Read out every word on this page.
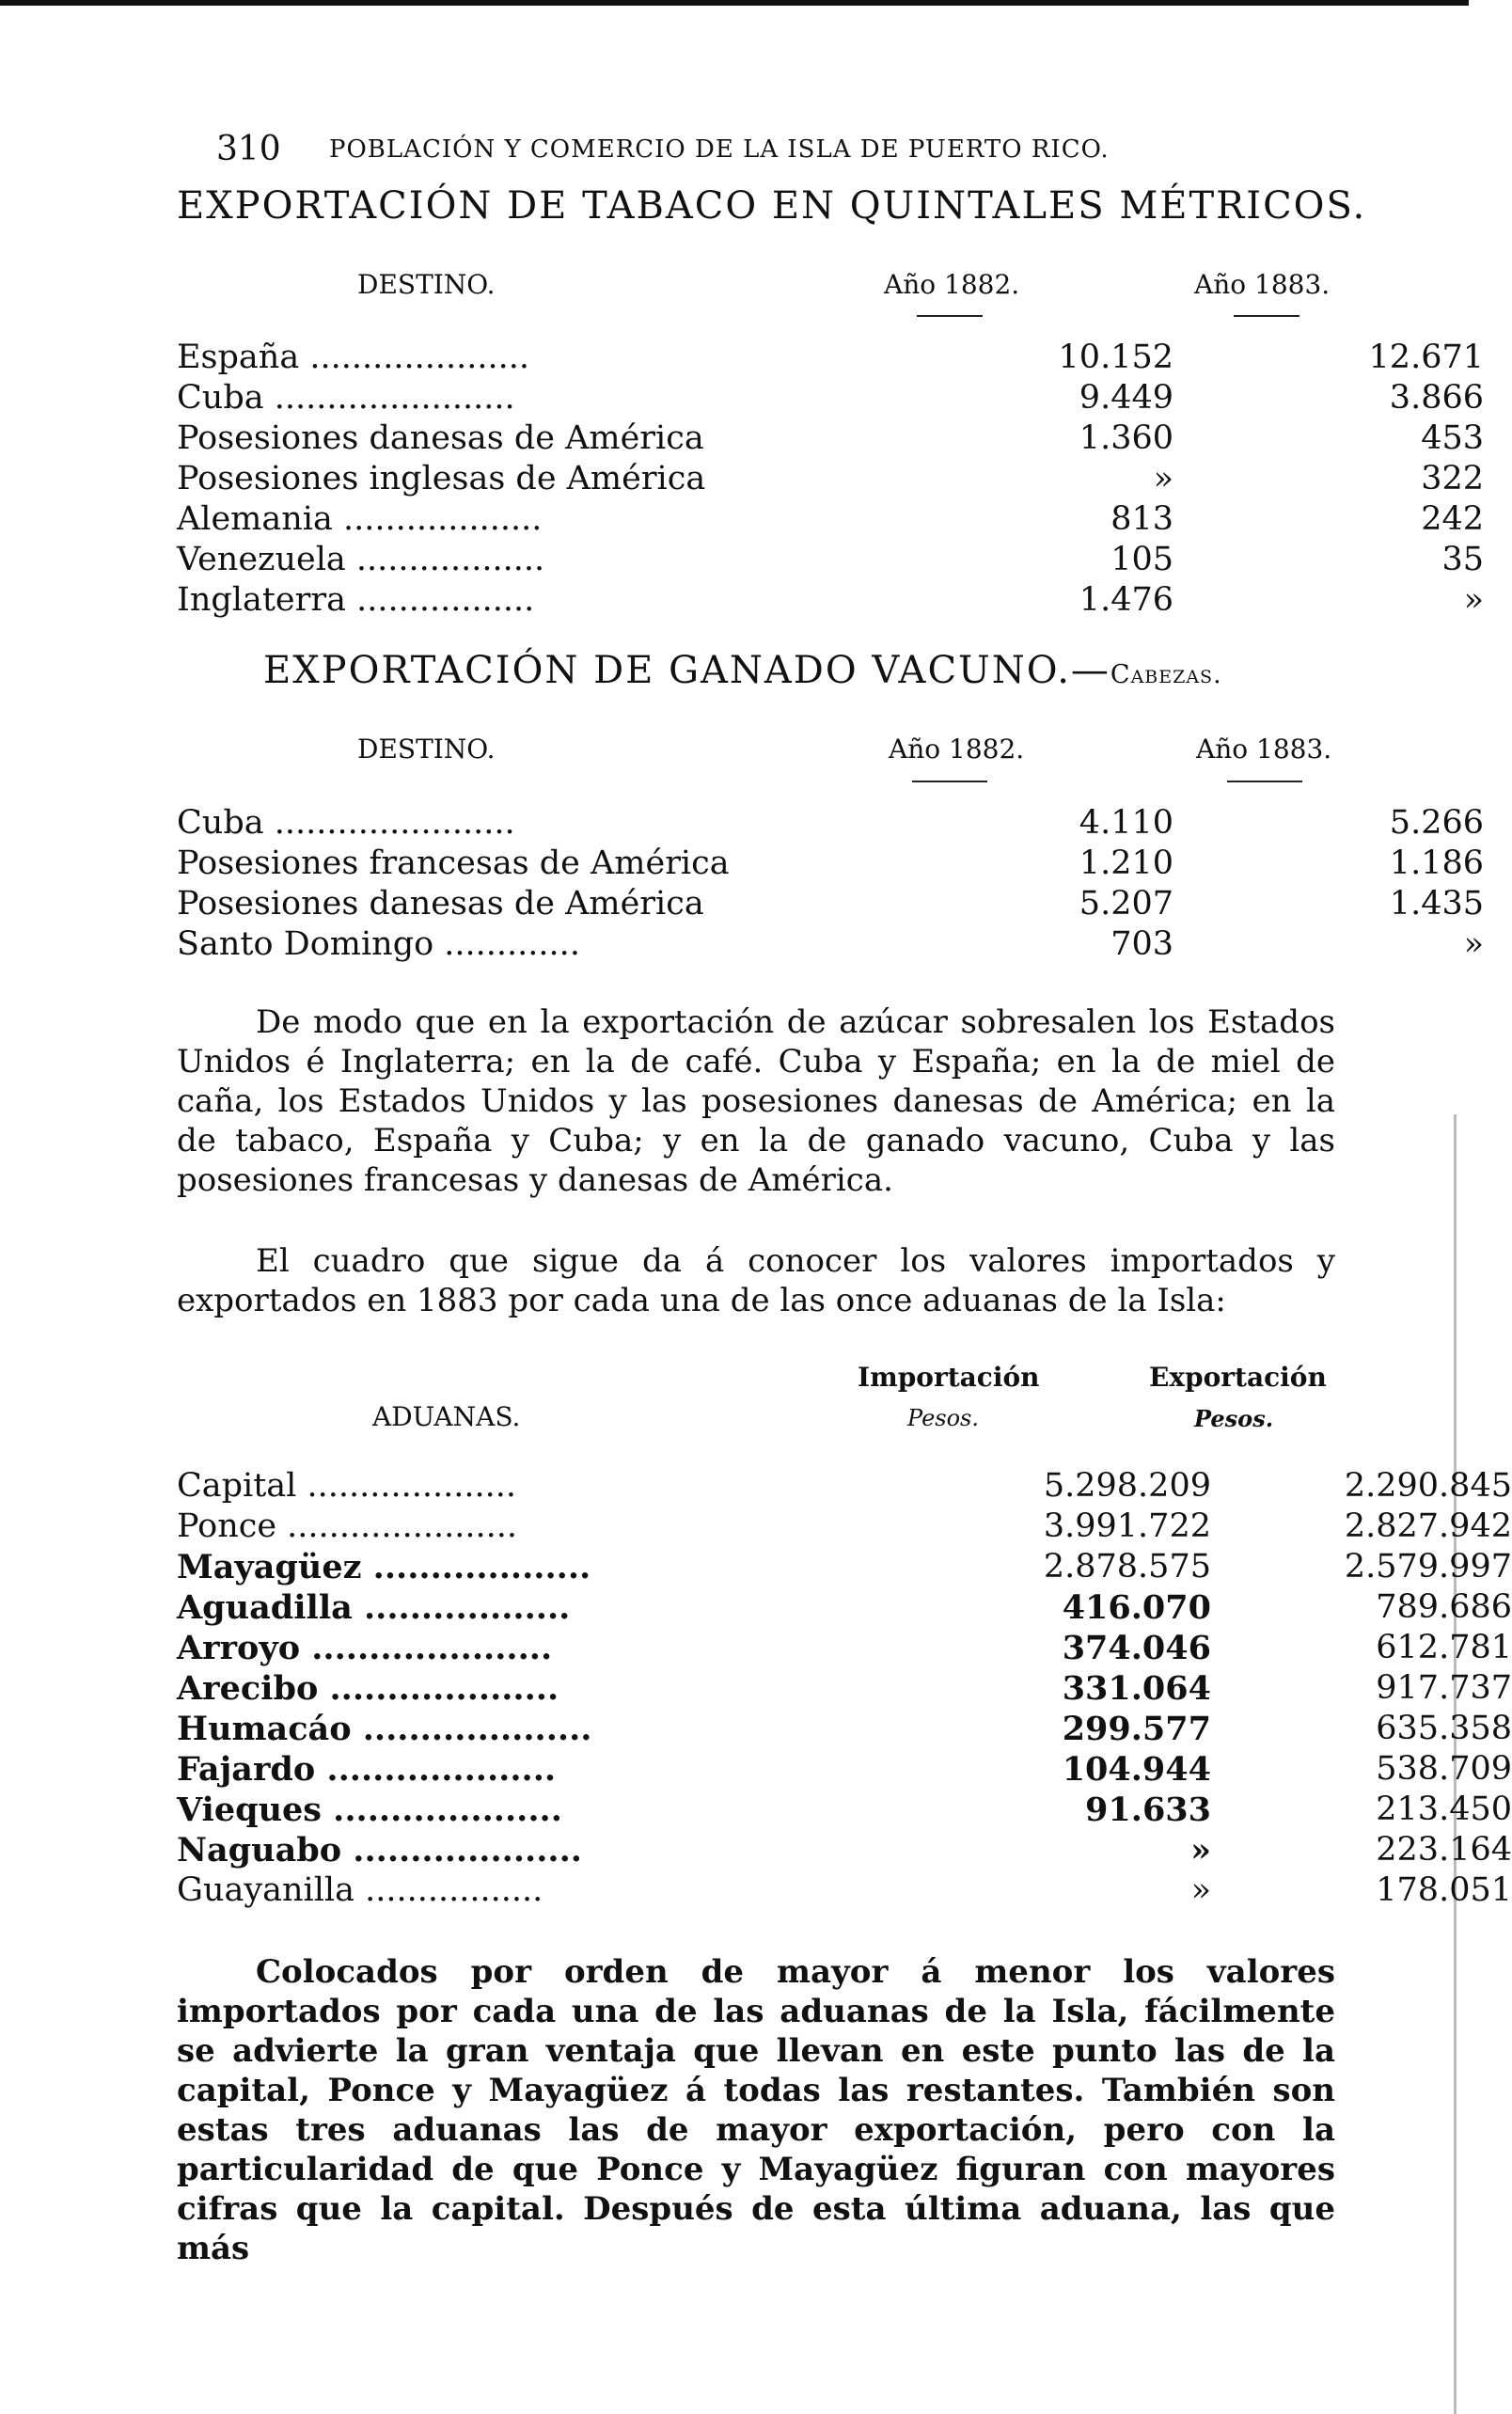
310 POBLACIÓN Y COMERCIO DE LA ISLA DE PUERTO RICO.
EXPORTACIÓN DE TABACO EN QUINTALES MÉTRICOS.
DESTINO.	Año 1882.	Año 1883.
España .....................	10.152	12.671
Cuba .......................	9.449	3.866
Posesiones danesas de América	1.360	453
Posesiones inglesas de América	»	322
Alemania ...................	813	242
Venezuela ..................	105	35
Inglaterra .................	1.476	»
EXPORTACIÓN DE GANADO VACUNO.—Cabezas.
DESTINO.	Año 1882.	Año 1883.
Cuba .......................	4.110	5.266
Posesiones francesas de América	1.210	1.186
Posesiones danesas de América	5.207	1.435
Santo Domingo .............	703	»
De modo que en la exportación de azúcar sobresalen los Estados Unidos é Inglaterra; en la de café. Cuba y España; en la de miel de caña, los Estados Unidos y las posesiones danesas de América; en la de tabaco, España y Cuba; y en la de ganado vacuno, Cuba y las posesiones francesas y danesas de América.
El cuadro que sigue da á conocer los valores importados y exportados en 1883 por cada una de las once aduanas de la Isla:
Importación	Exportación
ADUANAS.	Pesos.	Pesos.
Capital ....................	5.298.209	2.290.845
Ponce ......................	3.991.722	2.827.942
Mayagüez ...................	2.878.575	2.579.997
Aguadilla ..................	416.070	789.686
Arroyo .....................	374.046	612.781
Arecibo ....................	331.064	917.737
Humacáo ....................	299.577	635.358
Fajardo ....................	104.944	538.709
Vieques ....................	91.633	213.450
Naguabo ....................	»	223.164
Guayanilla .................	»	178.051
Colocados por orden de mayor á menor los valores importados por cada una de las aduanas de la Isla, fácilmente se advierte la gran ventaja que llevan en este punto las de la capital, Ponce y Mayagüez á todas las restantes. También son estas tres aduanas las de mayor exportación, pero con la particularidad de que Ponce y Mayagüez figuran con mayores cifras que la capital. Después de esta última aduana, las que más
